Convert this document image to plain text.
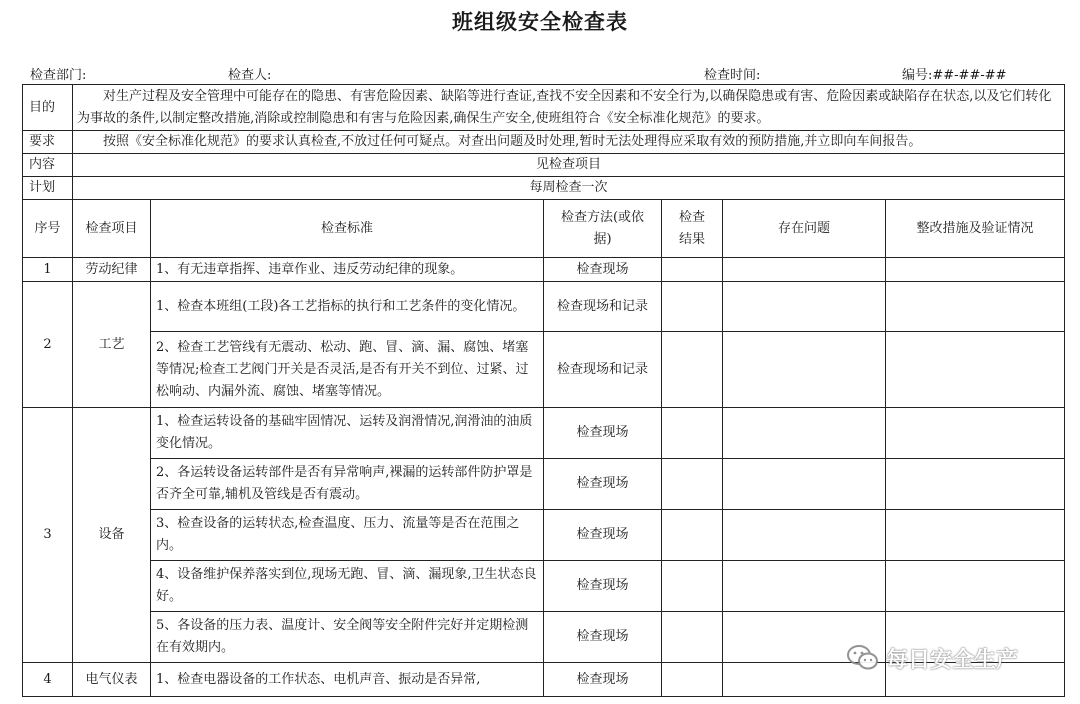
班组级安全检查表
检查部门:	检查人:	检查时间:	编号:##-##-##
目的	对生产过程及安全管理中可能存在的隐患、有害危险因素、缺陷等进行查证,查找不安全因素和不安全行为,以确保隐患或有害、危险因素或缺陷存在状态,以及它们转化为事故的条件,以制定整改措施,消除或控制隐患和有害与危险因素,确保生产安全,使班组符合《安全标准化规范》的要求。					
要求	按照《安全标准化规范》的要求认真检查,不放过任何可疑点。对查出问题及时处理,暂时无法处理得应采取有效的预防措施,并立即向车间报告。					
内容	见检查项目					
计划	每周检查一次					
序号	检查项目	检查标准	检查方法(或依据)	检查结果	存在问题	整改措施及验证情况
1	劳动纪律	1、有无违章指挥、违章作业、违反劳动纪律的现象。	检查现场			
2	工艺	1、检查本班组(工段)各工艺指标的执行和工艺条件的变化情况。	检查现场和记录			
		2、检查工艺管线有无震动、松动、跑、冒、滴、漏、腐蚀、堵塞等情况;检查工艺阀门开关是否灵活,是否有开关不到位、过紧、过松响动、内漏外流、腐蚀、堵塞等情况。	检查现场和记录			
3	设备	1、检查运转设备的基础牢固情况、运转及润滑情况,润滑油的油质变化情况。	检查现场			
		2、各运转设备运转部件是否有异常响声,裸漏的运转部件防护罩是否齐全可靠,辅机及管线是否有震动。	检查现场			
		3、检查设备的运转状态,检查温度、压力、流量等是否在范围之内。	检查现场			
		4、设备维护保养落实到位,现场无跑、冒、滴、漏现象,卫生状态良好。	检查现场			
		5、各设备的压力表、温度计、安全阀等安全附件完好并定期检测在有效期内。	检查现场			
4	电气仪表	1、检查电器设备的工作状态、电机声音、振动是否异常,	检查现场			
每日安全生产
